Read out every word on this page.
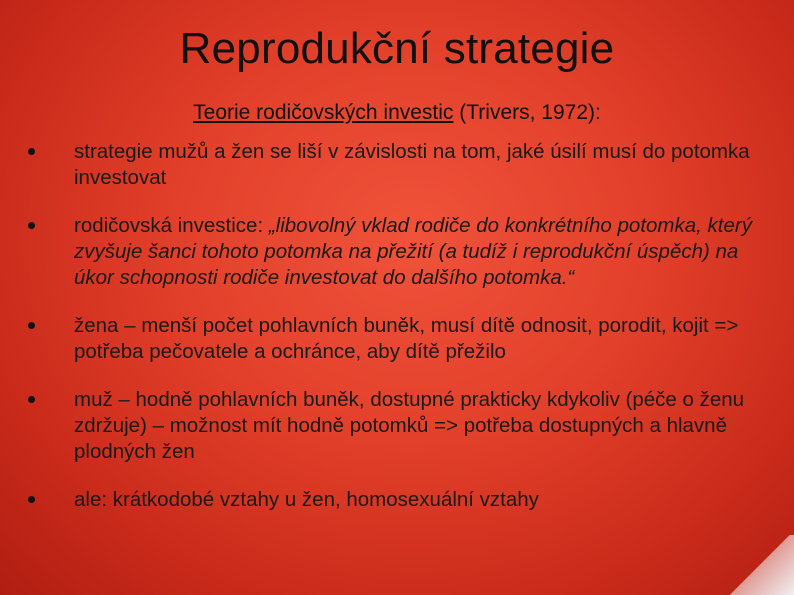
Reprodukční strategie
Teorie rodičovských investic (Trivers, 1972):
strategie mužů a žen se liší v závislosti na tom, jaké úsilí musí do potomka investovat
rodičovská investice: „libovolný vklad rodiče do konkrétního potomka, který zvyšuje šanci tohoto potomka na přežití (a tudíž i reprodukční úspěch) na úkor schopnosti rodiče investovat do dalšího potomka.“
žena – menší počet pohlavních buněk, musí dítě odnosit, porodit, kojit => potřeba pečovatele a ochránce, aby dítě přežilo
muž – hodně pohlavních buněk, dostupné prakticky kdykoliv (péče o ženu zdržuje) – možnost mít hodně potomků => potřeba dostupných a hlavně plodných žen
ale: krátkodobé vztahy u žen, homosexuální vztahy
